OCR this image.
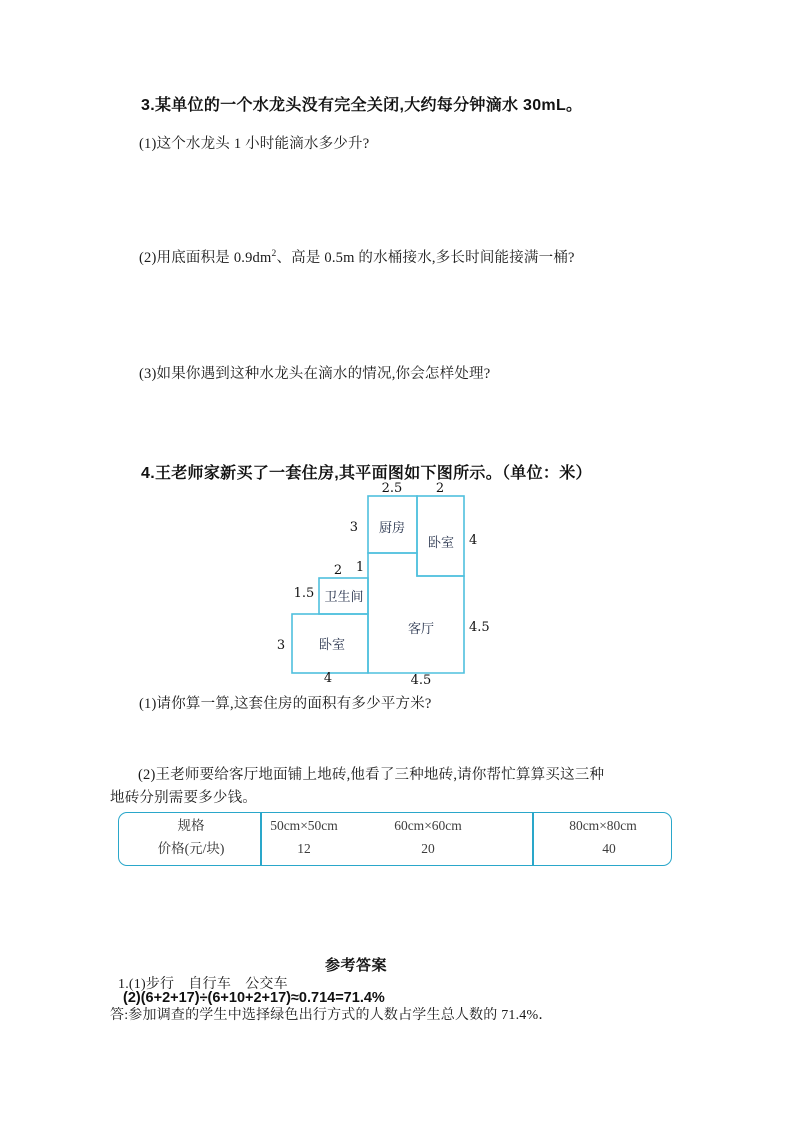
3.某单位的一个水龙头没有完全关闭,大约每分钟滴水 30mL。
(1)这个水龙头 1 小时能滴水多少升?
(2)用底面积是 $0.9dm^2$、高是 0.5m 的水桶接水,多长时间能接满一桶?
(3)如果你遇到这种水龙头在滴水的情况,你会怎样处理?
4.王老师家新买了一套住房,其平面图如下图所示。（单位：米）
2.5	2
3
4
2 1
1.5
3
4.5
4	4.5
厨房
卧室
卫生间
卧室
客厅
(1)请你算一算,这套住房的面积有多少平方米?
(2)王老师要给客厅地面铺上地砖,他看了三种地砖,请你帮忙算算买这三种
地砖分别需要多少钱。
规格	50cm×50cm	60cm×60cm	80cm×80cm
价格(元/块)	12	20	40
参考答案
1.(1)步行　自行车　公交车
(2)(6+2+17)÷(6+10+2+17)≈0.714=71.4%
答:参加调查的学生中选择绿色出行方式的人数占学生总人数的 71.4%．
